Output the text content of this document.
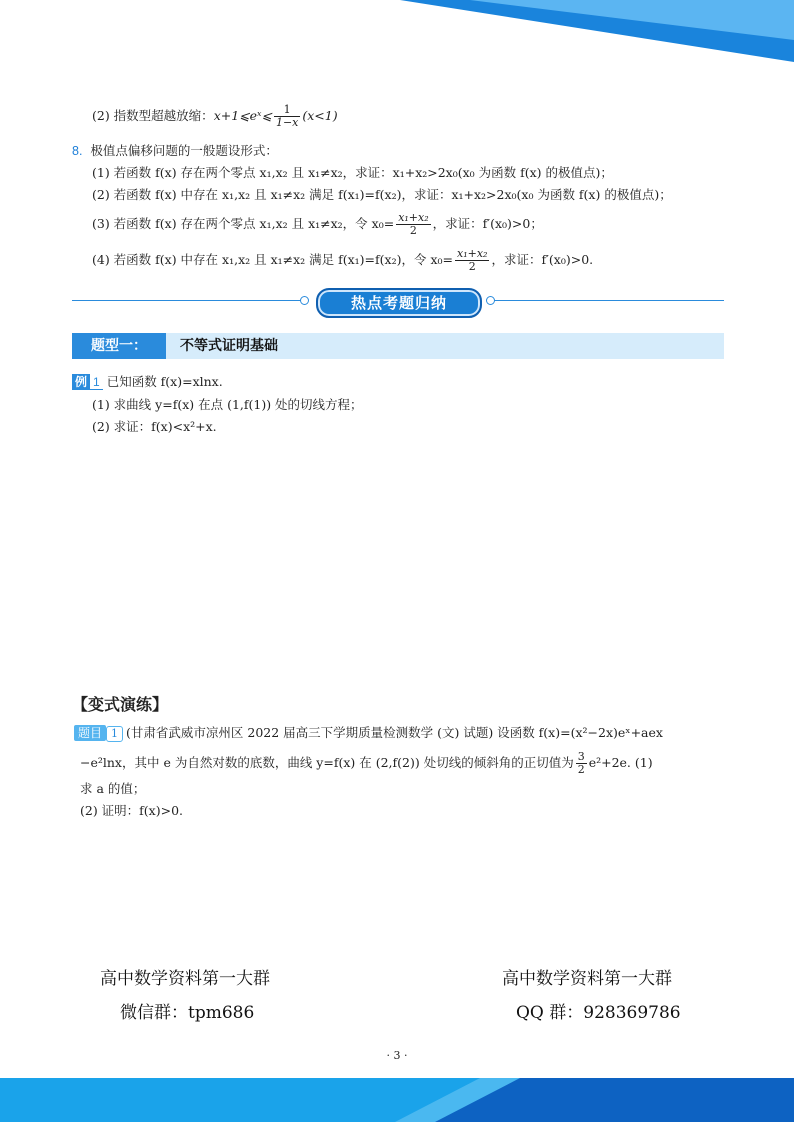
(2) 指数型超越放缩：x+1⩽eˣ⩽ $\frac{1}{1-x} (x<1)$
8. 极值点偏移问题的一般题设形式：
(1) 若函数 f(x) 存在两个零点 x₁,x₂ 且 x₁≠x₂，求证：x₁+x₂>2x₀(x₀ 为函数 f(x) 的极值点)；
(2) 若函数 f(x) 中存在 x₁,x₂ 且 x₁≠x₂ 满足 f(x₁)=f(x₂)，求证：x₁+x₂>2x₀(x₀ 为函数 f(x) 的极值点)；
(3) 若函数 f(x) 存在两个零点 x₁,x₂ 且 x₁≠x₂，令 $x_0= \frac{\text{x₁+x₂}}{2}$ ，求证：f′(x₀)>0；
(4) 若函数 f(x) 中存在 x₁,x₂ 且 x₁≠x₂ 满足 f(x₁)=f(x₂)，令 $x_0= \frac{\text{x₁+x₂}}{2}$ ，求证：f′(x₀)>0.
热点考题归纳
题型一：	不等式证明基础
例 1 已知函数 f(x)=xlnx.
(1) 求曲线 y=f(x) 在点 (1,f(1)) 处的切线方程；
(2) 求证：f(x)<x²+x.
【变式演练】
题目 1 (甘肃省武威市凉州区 2022 届高三下学期质量检测数学 (文) 试题) 设函数 f(x)=(x²−2x)eˣ+aex
−e²lnx，其中 e 为自然对数的底数，曲线 y=f(x) 在 (2,f(2)) 处切线的倾斜角的正切值为 $\frac{3}{2} e^2+2e$. (1)
求 a 的值；
(2) 证明：f(x)>0.
高中数学资料第一大群
微信群：tpm686
高中数学资料第一大群
QQ 群：928369786
· 3 ·
